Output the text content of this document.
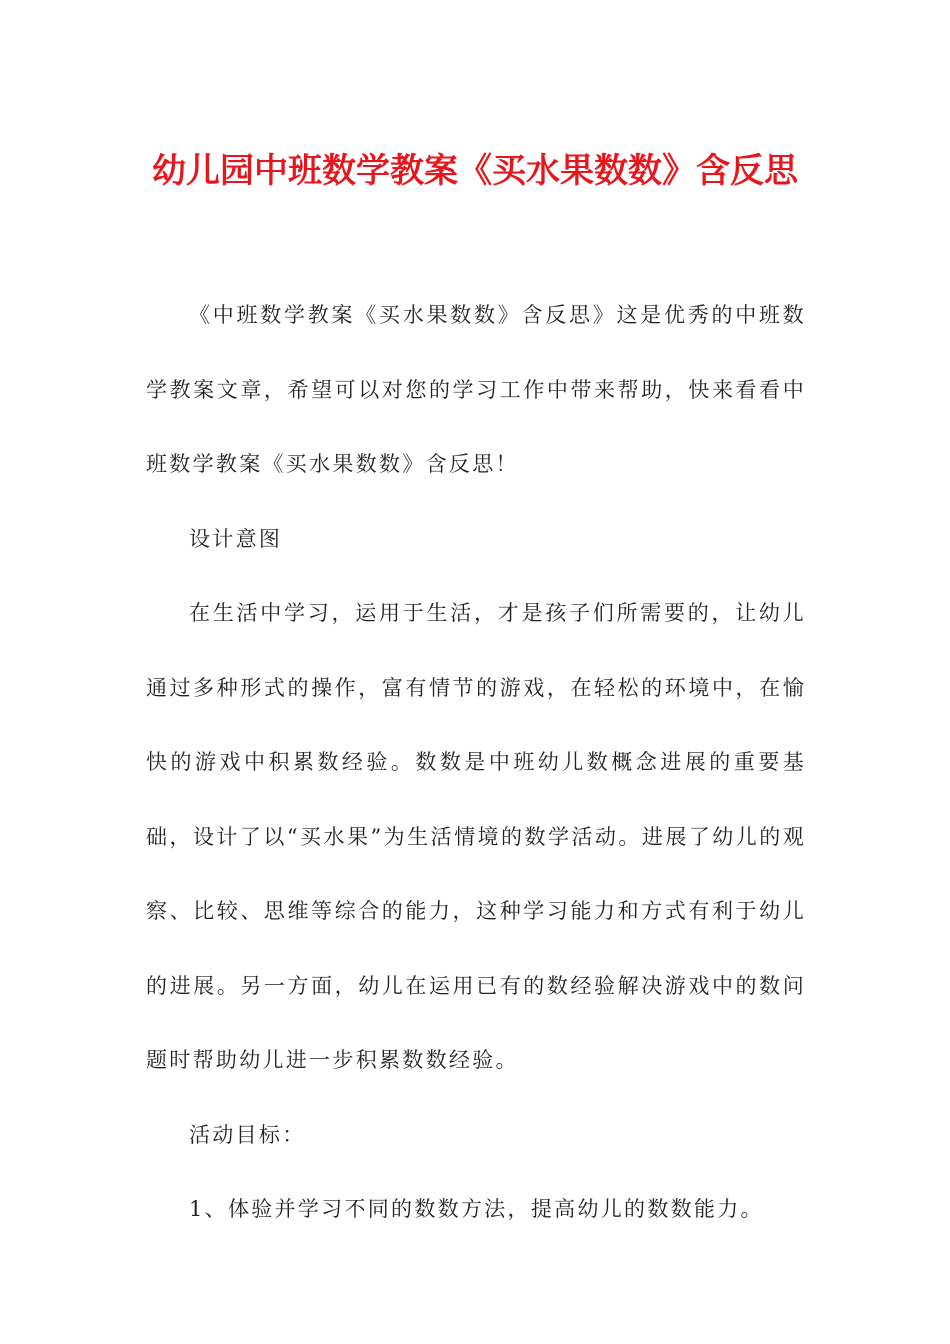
幼儿园中班数学教案《买水果数数》含反思

《中班数学教案《买水果数数》含反思》这是优秀的中班数学教案文章，希望可以对您的学习工作中带来帮助，快来看看中班数学教案《买水果数数》含反思！

设计意图

在生活中学习，运用于生活，才是孩子们所需要的，让幼儿通过多种形式的操作，富有情节的游戏，在轻松的环境中，在愉快的游戏中积累数经验。数数是中班幼儿数概念进展的重要基础，设计了以“买水果”为生活情境的数学活动。进展了幼儿的观察、比较、思维等综合的能力，这种学习能力和方式有利于幼儿的进展。另一方面，幼儿在运用已有的数经验解决游戏中的数问题时帮助幼儿进一步积累数数经验。

活动目标：

1、体验并学习不同的数数方法，提高幼儿的数数能力。
